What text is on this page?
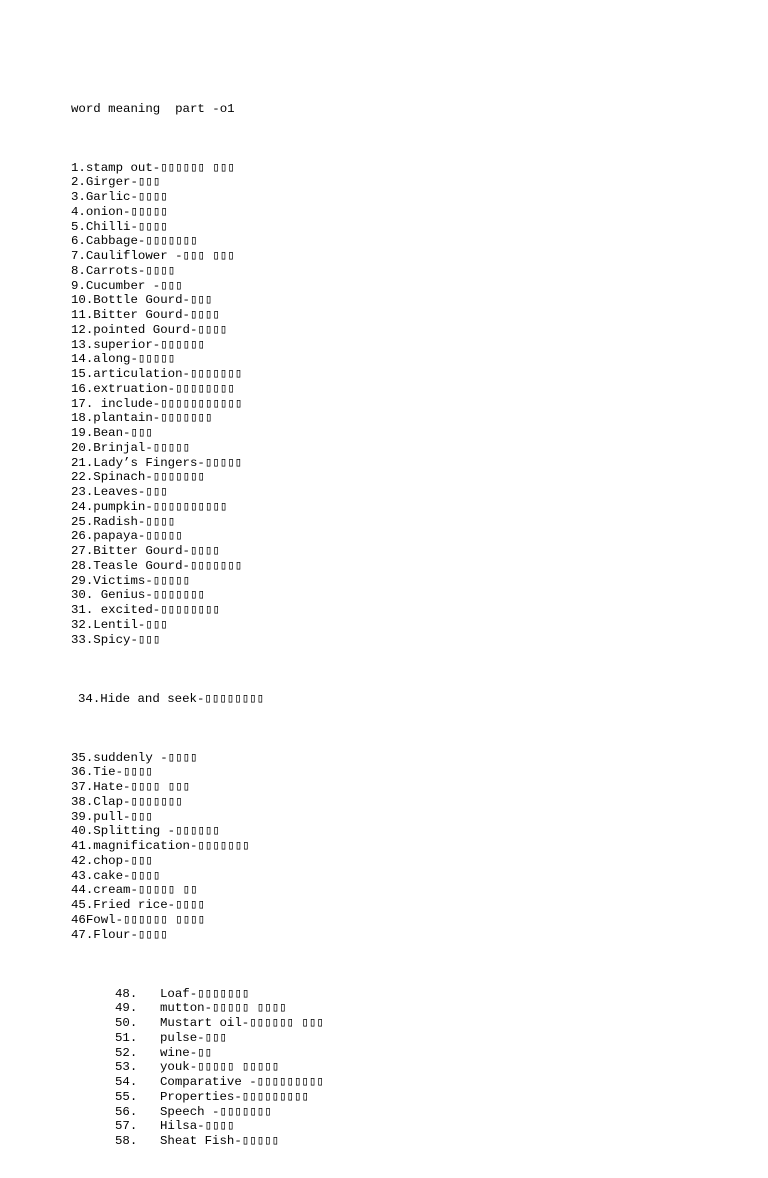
word meaning  part -o1

1.stamp out-▯▯▯▯▯▯ ▯▯▯
2.Girger-▯▯▯
3.Garlic-▯▯▯▯
4.onion-▯▯▯▯▯
5.Chilli-▯▯▯▯
6.Cabbage-▯▯▯▯▯▯▯
7.Cauliflower -▯▯▯ ▯▯▯
8.Carrots-▯▯▯▯
9.Cucumber -▯▯▯
10.Bottle Gourd-▯▯▯
11.Bitter Gourd-▯▯▯▯
12.pointed Gourd-▯▯▯▯
13.superior-▯▯▯▯▯▯
14.along-▯▯▯▯▯
15.articulation-▯▯▯▯▯▯▯
16.extruation-▯▯▯▯▯▯▯▯
17. include-▯▯▯▯▯▯▯▯▯▯▯
18.plantain-▯▯▯▯▯▯▯
19.Bean-▯▯▯
20.Brinjal-▯▯▯▯▯
21.Lady’s Fingers-▯▯▯▯▯
22.Spinach-▯▯▯▯▯▯▯
23.Leaves-▯▯▯
24.pumpkin-▯▯▯▯▯▯▯▯▯▯
25.Radish-▯▯▯▯
26.papaya-▯▯▯▯▯
27.Bitter Gourd-▯▯▯▯
28.Teasle Gourd-▯▯▯▯▯▯▯
29.Victims-▯▯▯▯▯
30. Genius-▯▯▯▯▯▯▯
31. excited-▯▯▯▯▯▯▯▯
32.Lentil-▯▯▯
33.Spicy-▯▯▯

34.Hide and seek-▯▯▯▯▯▯▯▯

35.suddenly -▯▯▯▯
36.Tie-▯▯▯▯
37.Hate-▯▯▯▯ ▯▯▯
38.Clap-▯▯▯▯▯▯▯
39.pull-▯▯▯
40.Splitting -▯▯▯▯▯▯
41.magnification-▯▯▯▯▯▯▯
42.chop-▯▯▯
43.cake-▯▯▯▯
44.cream-▯▯▯▯▯ ▯▯
45.Fried rice-▯▯▯▯
46Fowl-▯▯▯▯▯▯ ▯▯▯▯
47.Flour-▯▯▯▯

48. Loaf-▯▯▯▯▯▯▯
49. mutton-▯▯▯▯▯ ▯▯▯▯
50. Mustart oil-▯▯▯▯▯▯ ▯▯▯
51. pulse-▯▯▯
52. wine-▯▯
53. youk-▯▯▯▯▯ ▯▯▯▯▯
54. Comparative -▯▯▯▯▯▯▯▯▯
55. Properties-▯▯▯▯▯▯▯▯▯
56. Speech -▯▯▯▯▯▯▯
57. Hilsa-▯▯▯▯
58. Sheat Fish-▯▯▯▯▯
